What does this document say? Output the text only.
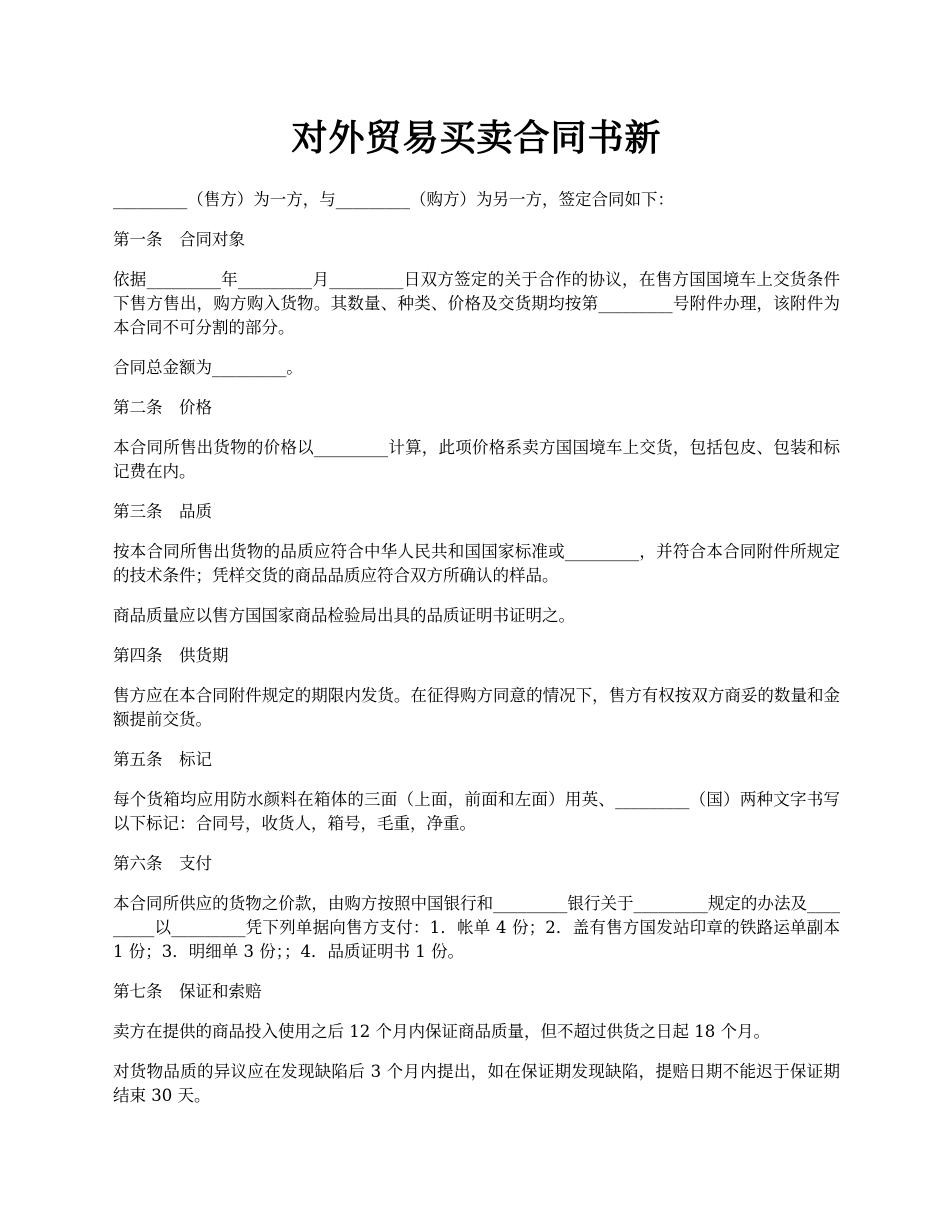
对外贸易买卖合同书新

_________（售方）为一方，与_________（购方）为另一方，签定合同如下：

第一条　合同对象

依据_________年_________月_________日双方签定的关于合作的协议，在售方国国境车上交货条件下售方售出，购方购入货物。其数量、种类、价格及交货期均按第_________号附件办理，该附件为本合同不可分割的部分。

合同总金额为_________。

第二条　价格

本合同所售出货物的价格以_________计算，此项价格系卖方国国境车上交货，包括包皮、包装和标记费在内。

第三条　品质

按本合同所售出货物的品质应符合中华人民共和国国家标准或_________，并符合本合同附件所规定的技术条件；凭样交货的商品品质应符合双方所确认的样品。

商品质量应以售方国国家商品检验局出具的品质证明书证明之。

第四条　供货期

售方应在本合同附件规定的期限内发货。在征得购方同意的情况下，售方有权按双方商妥的数量和金额提前交货。

第五条　标记

每个货箱均应用防水颜料在箱体的三面（上面，前面和左面）用英、_________（国）两种文字书写以下标记：合同号，收货人，箱号，毛重，净重。

第六条　支付

本合同所供应的货物之价款，由购方按照中国银行和_________银行关于_________规定的办法及_________以_________凭下列单据向售方支付：1．帐单 4 份；2．盖有售方国发站印章的铁路运单副本 1 份；3．明细单 3 份；；4．品质证明书 1 份。

第七条　保证和索赔

卖方在提供的商品投入使用之后 12 个月内保证商品质量，但不超过供货之日起 18 个月。

对货物品质的异议应在发现缺陷后 3 个月内提出，如在保证期发现缺陷，提赔日期不能迟于保证期结束 30 天。
